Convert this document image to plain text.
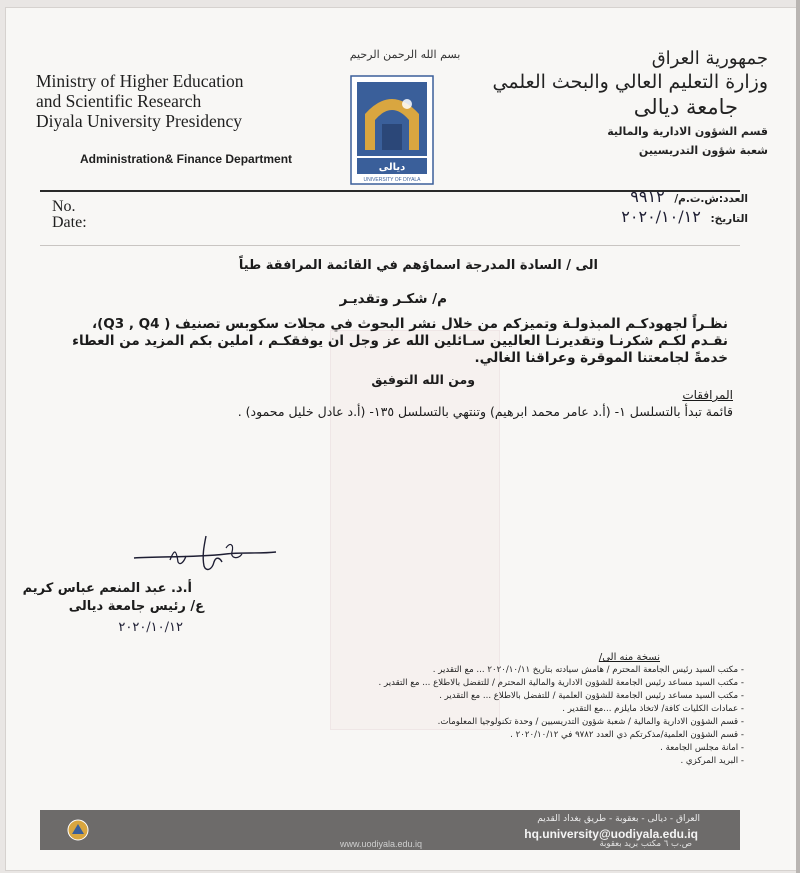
بسم الله الرحمن الرحيم
Ministry of Higher Education
and Scientific Research
Diyala University Presidency
Administration& Finance Department
جمهورية العراق
وزارة التعليم العالي والبحث العلمي
جامعة ديالى
قسم الشؤون الادارية والمالية
شعبة شؤون التدريسيين
ديالى
UNIVERSITY OF DIYALA
No.
Date:
العدد:ش.ت.م/ ٩٩١٢
التاريخ: ٢٠٢٠/١٠/١٢
الى / السادة المدرجة اسماؤهم في القائمة المرافقة طياً
م/ شكـر وتقديـر
نظـراً لجهودكـم المبذولـة وتميزكم من خلال نشر البحوث في مجلات سكوبس تصنيف ( Q3 , Q4)، نقـدم لكـم شكرنـا وتقديرنـا العاليين سـائلين الله عز وجل ان يوفقكـم ، املين بكم المزيد من العطاء خدمةً لجامعتنا الموقرة وعراقنا الغالي.
ومن الله التوفيق
المرافقات
قائمة تبدأ بالتسلسل ١- (أ.د عامر محمد ابرهيم) وتنتهي بالتسلسل ١٣٥- (أ.د عادل خليل محمود) .
أ.د. عبد المنعم عباس كريم
ع/ رئيس جامعة ديالى
٢٠٢٠/١٠/١٢
نسخة منه الى/
- مكتب السيد رئيس الجامعة المحترم / هامش سيادته بتاريخ ٢٠٢٠/١٠/١١ ... مع التقدير .
- مكتب السيد مساعد رئيس الجامعة للشؤون الادارية والمالية المحترم / للتفضل بالاطلاع ... مع التقدير .
- مكتب السيد مساعد رئيس الجامعة للشؤون العلمية / للتفضل بالاطلاع ... مع التقدير .
- عمادات الكليات كافة/ لاتخاذ مايلزم ...مع التقدير .
- قسم الشؤون الادارية والمالية / شعبة شؤون التدريسيين / وحدة تكنولوجيا المعلومات.
- قسم الشؤون العلمية/مذكرتكم ذي العدد ٩٧٨٢ في ٢٠٢٠/١٠/١٢ .
- امانة مجلس الجامعة .
- البريد المركزي .
العراق - ديالى - بعقوبة - طريق بغداد القديم
hq.university@uodiyala.edu.iq
www.uodiyala.edu.iq	ص.ب ٦ مكتب بريد بعقوبة
